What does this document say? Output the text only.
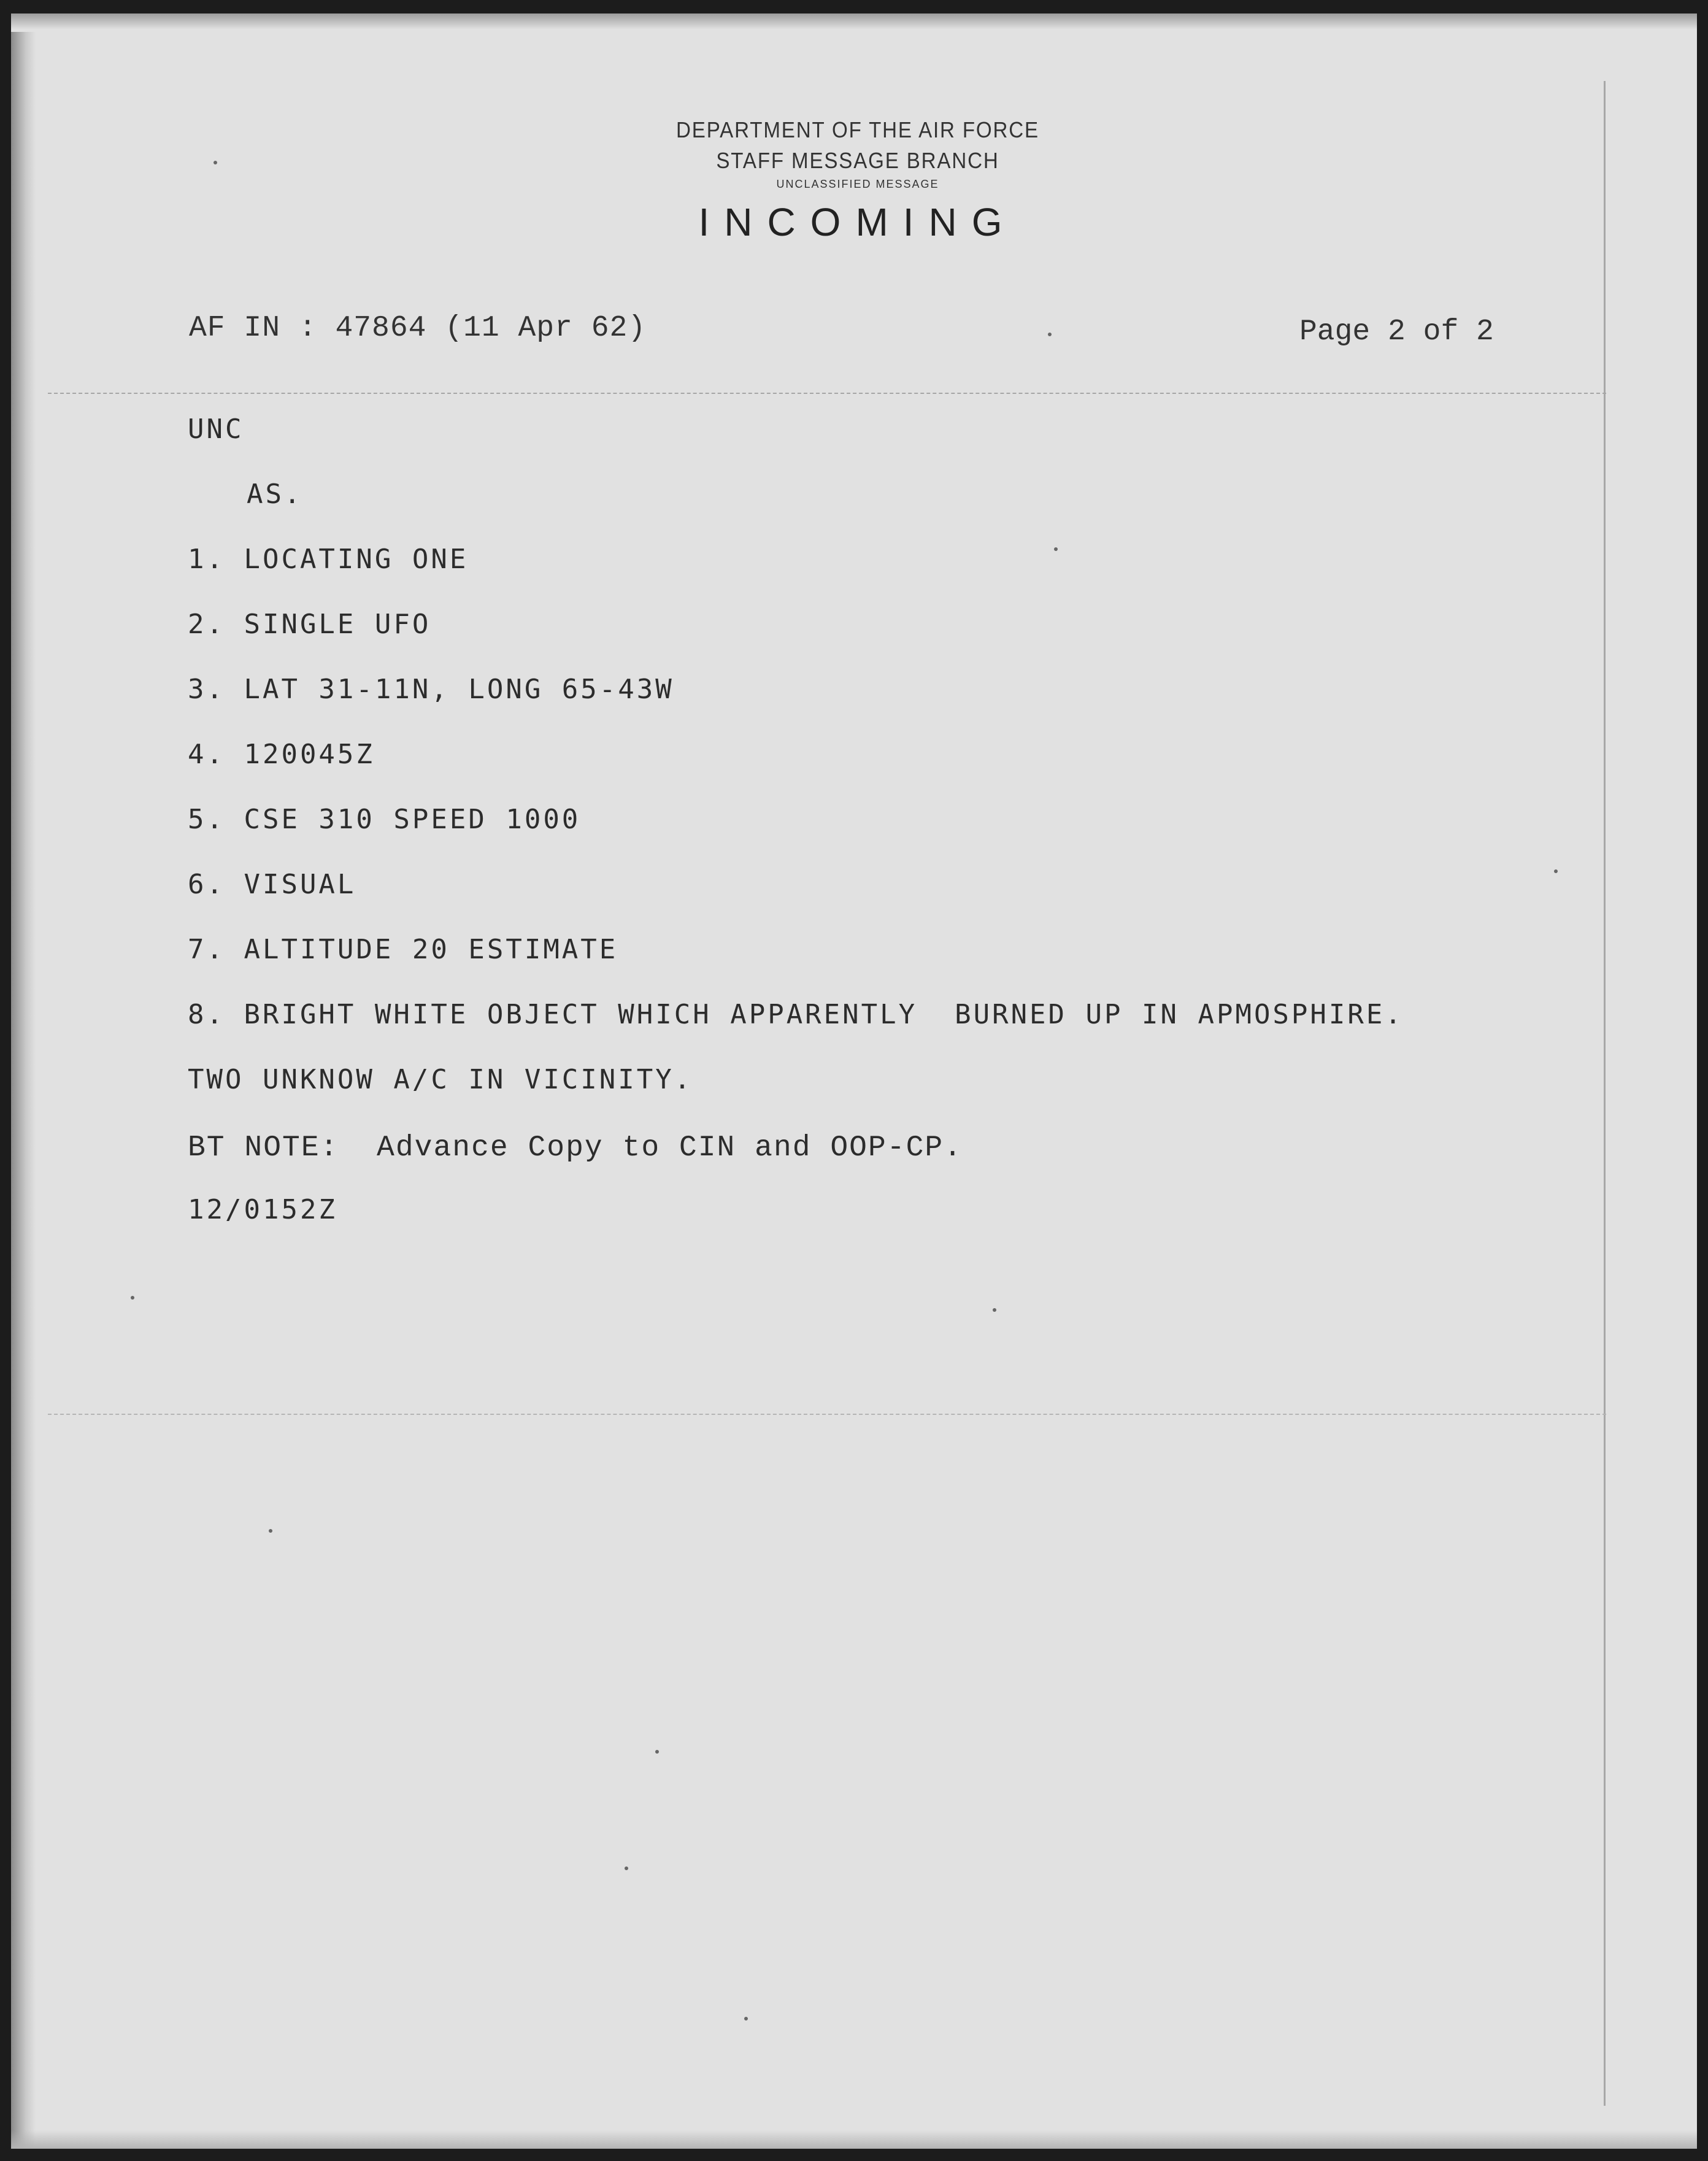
DEPARTMENT OF THE AIR FORCE
STAFF MESSAGE BRANCH
UNCLASSIFIED MESSAGE
INCOMING
AF IN : 47864 (11 Apr 62)	Page 2 of 2

UNC

AS.

1. LOCATING ONE

2. SINGLE UFO

3. LAT 31-11N, LONG 65-43W

4. 120045Z

5. CSE 310 SPEED 1000

6. VISUAL

7. ALTITUDE 20 ESTIMATE

8. BRIGHT WHITE OBJECT WHICH APPARENTLY  BURNED UP IN APMOSPHIRE.

TWO UNKNOW A/C IN VICINITY.

BT NOTE:  Advance Copy to CIN and OOP-CP.

12/0152Z
